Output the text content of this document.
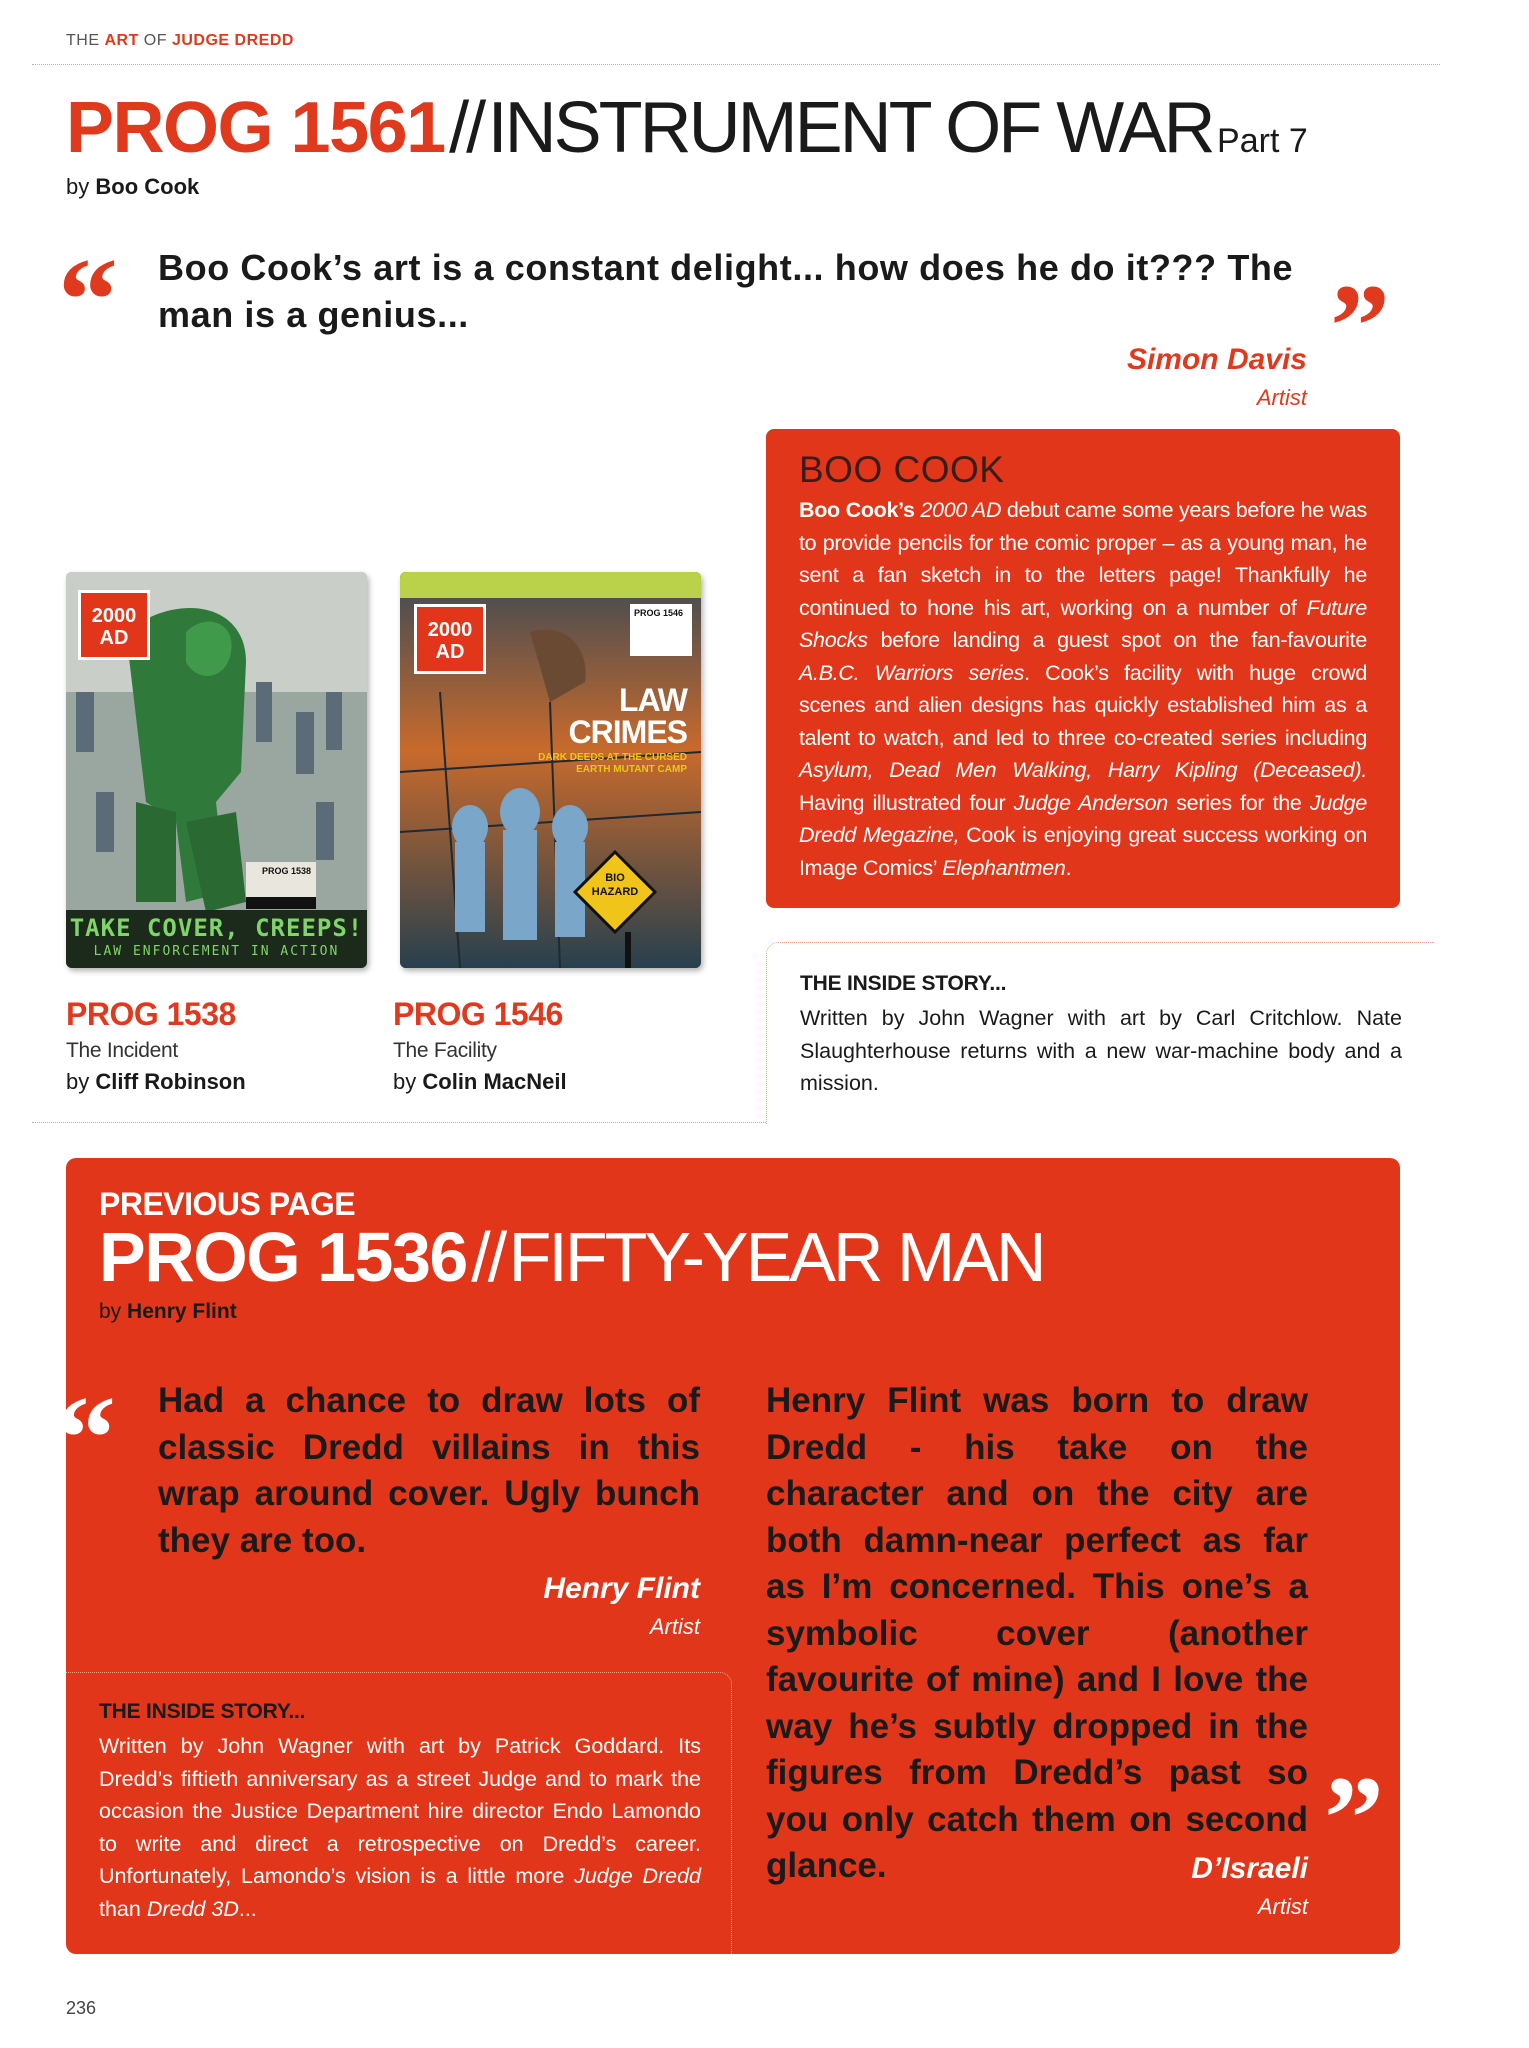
THE ART OF JUDGE DREDD
PROG 1561 // INSTRUMENT OF WAR Part 7
by Boo Cook
“ Boo Cook’s art is a constant delight... how does he do it??? The man is a genius...	”
Simon Davis
Artist
BOO COOK
Boo Cook’s 2000 AD debut came some years before he was to provide pencils for the comic proper – as a young man, he sent a fan sketch in to the letters page! Thankfully he continued to hone his art, working on a number of Future Shocks before landing a guest spot on the fan-favourite A.B.C. Warriors series. Cook’s facility with huge crowd scenes and alien designs has quickly established him as a talent to watch, and led to three co-created series including Asylum, Dead Men Walking, Harry Kipling (Deceased). Having illustrated four Judge Anderson series for the Judge Dredd Megazine, Cook is enjoying great success working on Image Comics’ Elephantmen.
2000 AD
PROG 1538
TAKE COVER, CREEPS!
LAW ENFORCEMENT IN ACTION
2000 AD
PROG 1546
LAW
CRIMES
DARK DEEDS AT THE CURSED EARTH MUTANT CAMP
BIO
HAZARD
PROG 1538
The Incident
by Cliff Robinson
PROG 1546
The Facility
by Colin MacNeil
THE INSIDE STORY...
Written by John Wagner with art by Carl Critchlow. Nate Slaughterhouse returns with a new war-machine body and a mission.
PREVIOUS PAGE
PROG 1536 // FIFTY-YEAR MAN
by Henry Flint
“ Had a chance to draw lots of classic Dredd villains in this wrap around cover. Ugly bunch they are too.
Henry Flint
Artist
THE INSIDE STORY...
Written by John Wagner with art by Patrick Goddard. Its Dredd’s fiftieth anniversary as a street Judge and to mark the occasion the Justice Department hire director Endo Lamondo to write and direct a retrospective on Dredd’s career. Unfortunately, Lamondo’s vision is a little more Judge Dredd than Dredd 3D...
Henry Flint was born to draw Dredd - his take on the character and on the city are both damn-near perfect as far as I’m concerned. This one’s a symbolic cover (another favourite of mine) and I love the way he’s subtly dropped in the figures from Dredd’s past so you only catch them on second glance.	”
D’Israeli
Artist
236
